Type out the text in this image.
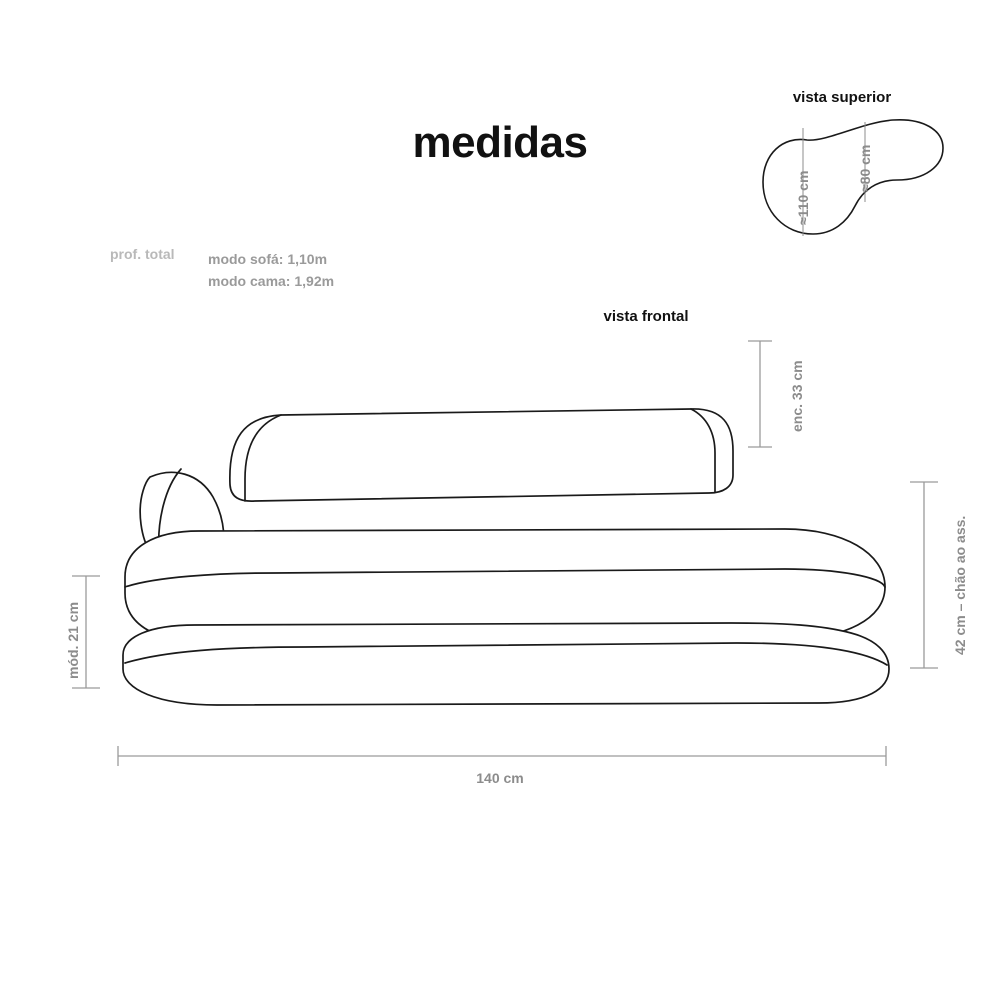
medidas
vista superior
vista frontal
prof. total modo sofá: 1,10m
modo cama: 1,92m
≈110 cm
≈80 cm
enc. 33 cm
42 cm – chão ao ass.
mód. 21 cm
140 cm
